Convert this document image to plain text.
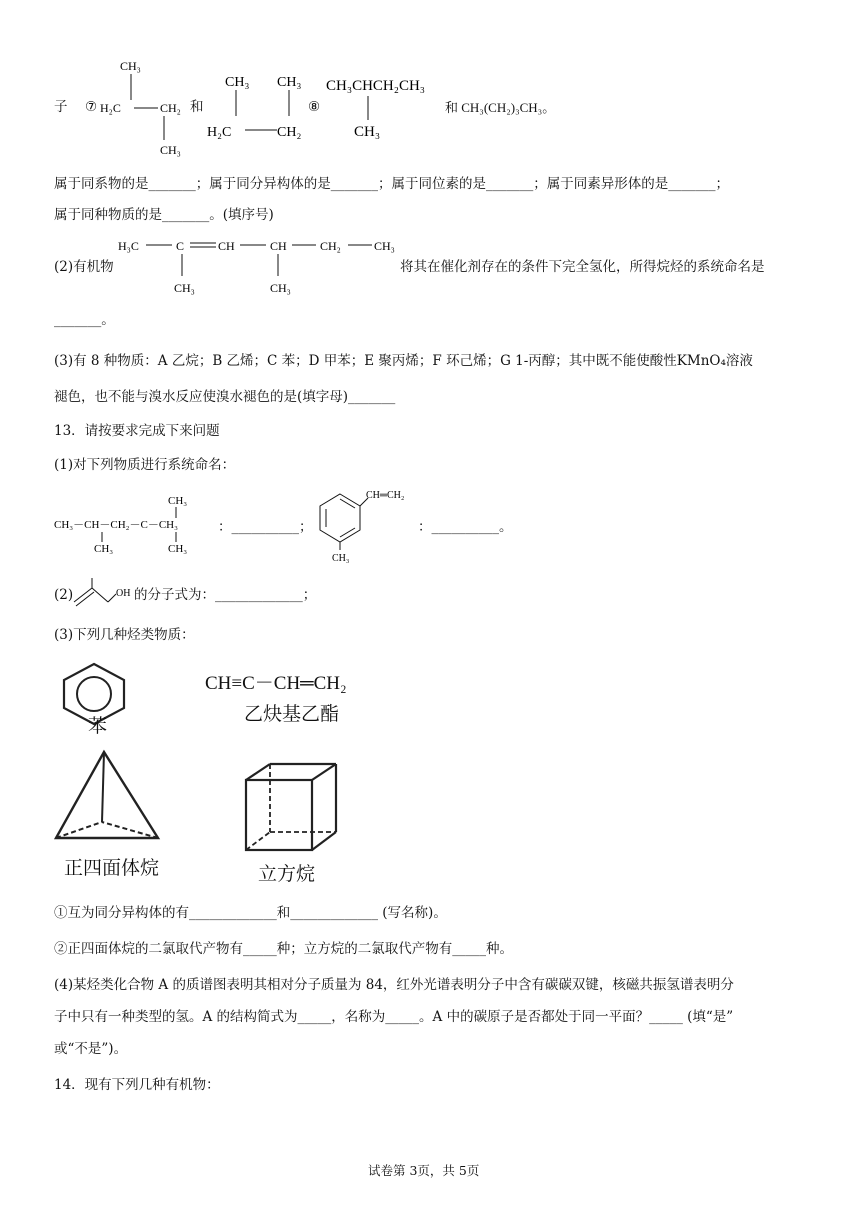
子 ⑦
CH₃
H₂C	CH₂
CH₃
和
CH₃ CH₃
H₂C	CH₂
⑧
CH₃CHCH₂CH₃
CH₃
和 CH₃(CH₂)₃CH₃。
属于同系物的是_______；属于同分异构体的是_______；属于同位素的是_______；属于同素异形体的是_______；
属于同种物质的是_______。(填序号)
(2)有机物
H₃C	C	CH	CH	CH₂	CH₃
CH₃	CH₃
将其在催化剂存在的条件下完全氢化，所得烷烃的系统命名是
_______。
(3)有 8 种物质：A 乙烷；B 乙烯；C 苯；D 甲苯；E 聚丙烯；F 环己烯；G 1-丙醇；其中既不能使酸性KMnO₄溶液
褪色，也不能与溴水反应使溴水褪色的是(填字母)_______
13．请按要求完成下来问题
(1)对下列物质进行系统命名：
CH₃
CH₃－CH－CH₂－C－CH₃
CH₃	CH₃
：__________；
CH═CH₂
CH₃
：__________。
(2)	OH 的分子式为：_____________；
(3)下列几种烃类物质：
苯
CH≡C－CH═CH₂
乙炔基乙酯
正四面体烷	立方烷
①互为同分异构体的有_____________和_____________ (写名称)。
②正四面体烷的二氯取代产物有_____种；立方烷的二氯取代产物有_____种。
(4)某烃类化合物 A 的质谱图表明其相对分子质量为 84，红外光谱表明分子中含有碳碳双键，核磁共振氢谱表明分
子中只有一种类型的氢。A 的结构简式为_____，名称为_____。A 中的碳原子是否都处于同一平面？_____ (填“是”
或“不是”)。
14．现有下列几种有机物：
试卷第 3页，共 5页
